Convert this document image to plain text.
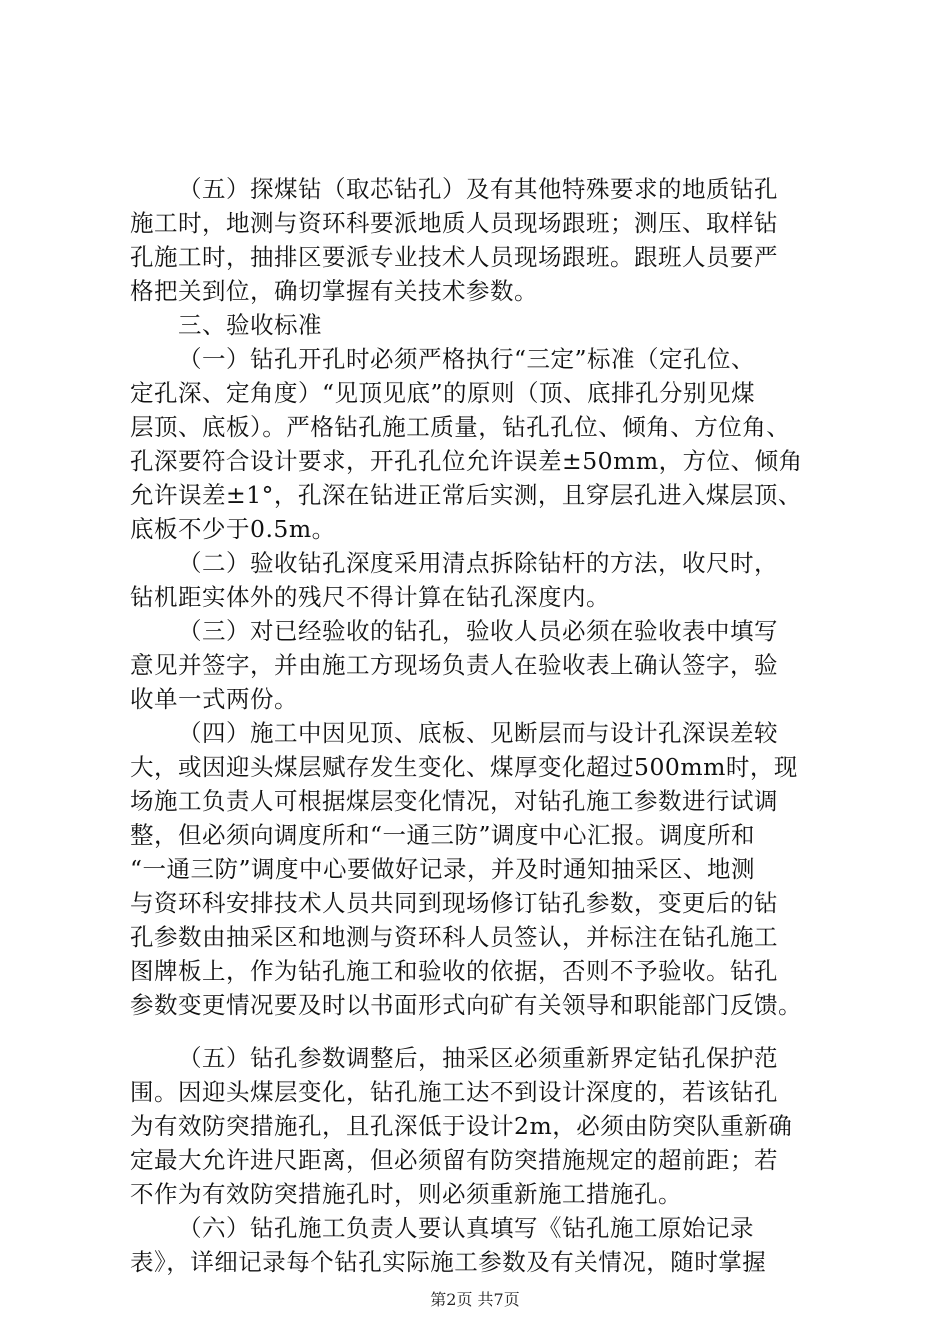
（五）探煤钻（取芯钻孔）及有其他特殊要求的地质钻孔
施工时，地测与资环科要派地质人员现场跟班；测压、取样钻
孔施工时，抽排区要派专业技术人员现场跟班。跟班人员要严
格把关到位，确切掌握有关技术参数。
三、验收标准
（一）钻孔开孔时必须严格执行“三定”标准（定孔位、
定孔深、定角度）“见顶见底”的原则（顶、底排孔分别见煤
层顶、底板）。严格钻孔施工质量，钻孔孔位、倾角、方位角、
孔深要符合设计要求，开孔孔位允许误差±50mm，方位、倾角
允许误差±1°，孔深在钻进正常后实测，且穿层孔进入煤层顶、
底板不少于0.5m。
（二）验收钻孔深度采用清点拆除钻杆的方法，收尺时，
钻机距实体外的残尺不得计算在钻孔深度内。
（三）对已经验收的钻孔，验收人员必须在验收表中填写
意见并签字，并由施工方现场负责人在验收表上确认签字，验
收单一式两份。
（四）施工中因见顶、底板、见断层而与设计孔深误差较
大，或因迎头煤层赋存发生变化、煤厚变化超过500mm时，现
场施工负责人可根据煤层变化情况，对钻孔施工参数进行试调
整，但必须向调度所和“一通三防”调度中心汇报。调度所和
“一通三防”调度中心要做好记录，并及时通知抽采区、地测
与资环科安排技术人员共同到现场修订钻孔参数，变更后的钻
孔参数由抽采区和地测与资环科人员签认，并标注在钻孔施工
图牌板上，作为钻孔施工和验收的依据，否则不予验收。钻孔
参数变更情况要及时以书面形式向矿有关领导和职能部门反馈。
（五）钻孔参数调整后，抽采区必须重新界定钻孔保护范
围。因迎头煤层变化，钻孔施工达不到设计深度的，若该钻孔
为有效防突措施孔，且孔深低于设计2m，必须由防突队重新确
定最大允许进尺距离，但必须留有防突措施规定的超前距；若
不作为有效防突措施孔时，则必须重新施工措施孔。
（六）钻孔施工负责人要认真填写《钻孔施工原始记录
表》，详细记录每个钻孔实际施工参数及有关情况，随时掌握
第2页 共7页
